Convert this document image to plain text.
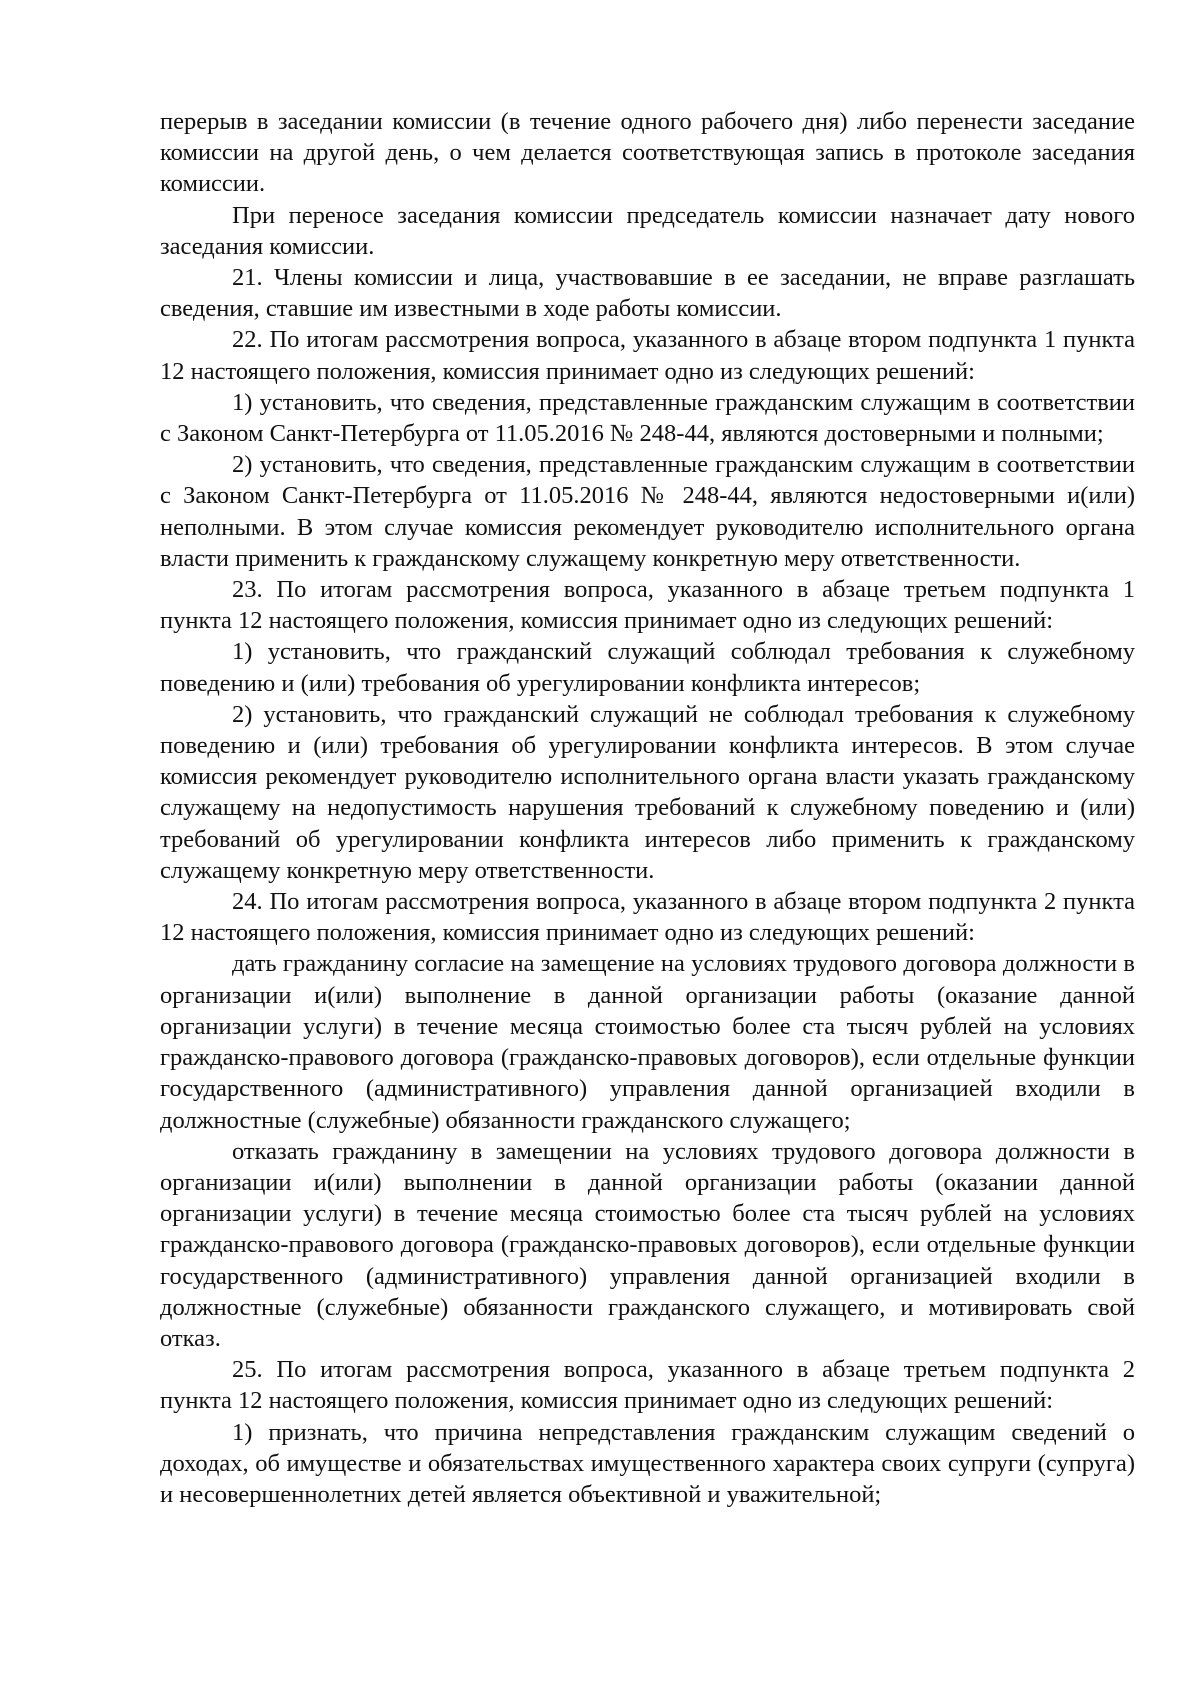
перерыв в заседании комиссии (в течение одного рабочего дня) либо перенести заседание комиссии на другой день, о чем делается соответствующая запись в протоколе заседания комиссии.

При переносе заседания комиссии председатель комиссии назначает дату нового заседания комиссии.

21. Члены комиссии и лица, участвовавшие в ее заседании, не вправе разглашать сведения, ставшие им известными в ходе работы комиссии.

22. По итогам рассмотрения вопроса, указанного в абзаце втором подпункта 1 пункта 12 настоящего положения, комиссия принимает одно из следующих решений:

1) установить, что сведения, представленные гражданским служащим в соответствии с Законом Санкт-Петербурга от 11.05.2016 № 248-44, являются достоверными и полными;

2) установить, что сведения, представленные гражданским служащим в соответствии с Законом Санкт-Петербурга от 11.05.2016 № 248-44, являются недостоверными и(или) неполными. В этом случае комиссия рекомендует руководителю исполнительного органа власти применить к гражданскому служащему конкретную меру ответственности.

23. По итогам рассмотрения вопроса, указанного в абзаце третьем подпункта 1 пункта 12 настоящего положения, комиссия принимает одно из следующих решений:

1) установить, что гражданский служащий соблюдал требования к служебному поведению и (или) требования об урегулировании конфликта интересов;

2) установить, что гражданский служащий не соблюдал требования к служебному поведению и (или) требования об урегулировании конфликта интересов. В этом случае комиссия рекомендует руководителю исполнительного органа власти указать гражданскому служащему на недопустимость нарушения требований к служебному поведению и (или) требований об урегулировании конфликта интересов либо применить к гражданскому служащему конкретную меру ответственности.

24. По итогам рассмотрения вопроса, указанного в абзаце втором подпункта 2 пункта 12 настоящего положения, комиссия принимает одно из следующих решений:

дать гражданину согласие на замещение на условиях трудового договора должности в организации и(или) выполнение в данной организации работы (оказание данной организации услуги) в течение месяца стоимостью более ста тысяч рублей на условиях гражданско-правового договора (гражданско-правовых договоров), если отдельные функции государственного (административного) управления данной организацией входили в должностные (служебные) обязанности гражданского служащего;

отказать гражданину в замещении на условиях трудового договора должности в организации и(или) выполнении в данной организации работы (оказании данной организации услуги) в течение месяца стоимостью более ста тысяч рублей на условиях гражданско-правового договора (гражданско-правовых договоров), если отдельные функции государственного (административного) управления данной организацией входили в должностные (служебные) обязанности гражданского служащего, и мотивировать свой отказ.

25. По итогам рассмотрения вопроса, указанного в абзаце третьем подпункта 2 пункта 12 настоящего положения, комиссия принимает одно из следующих решений:

1) признать, что причина непредставления гражданским служащим сведений о доходах, об имуществе и обязательствах имущественного характера своих супруги (супруга) и несовершеннолетних детей является объективной и уважительной;
